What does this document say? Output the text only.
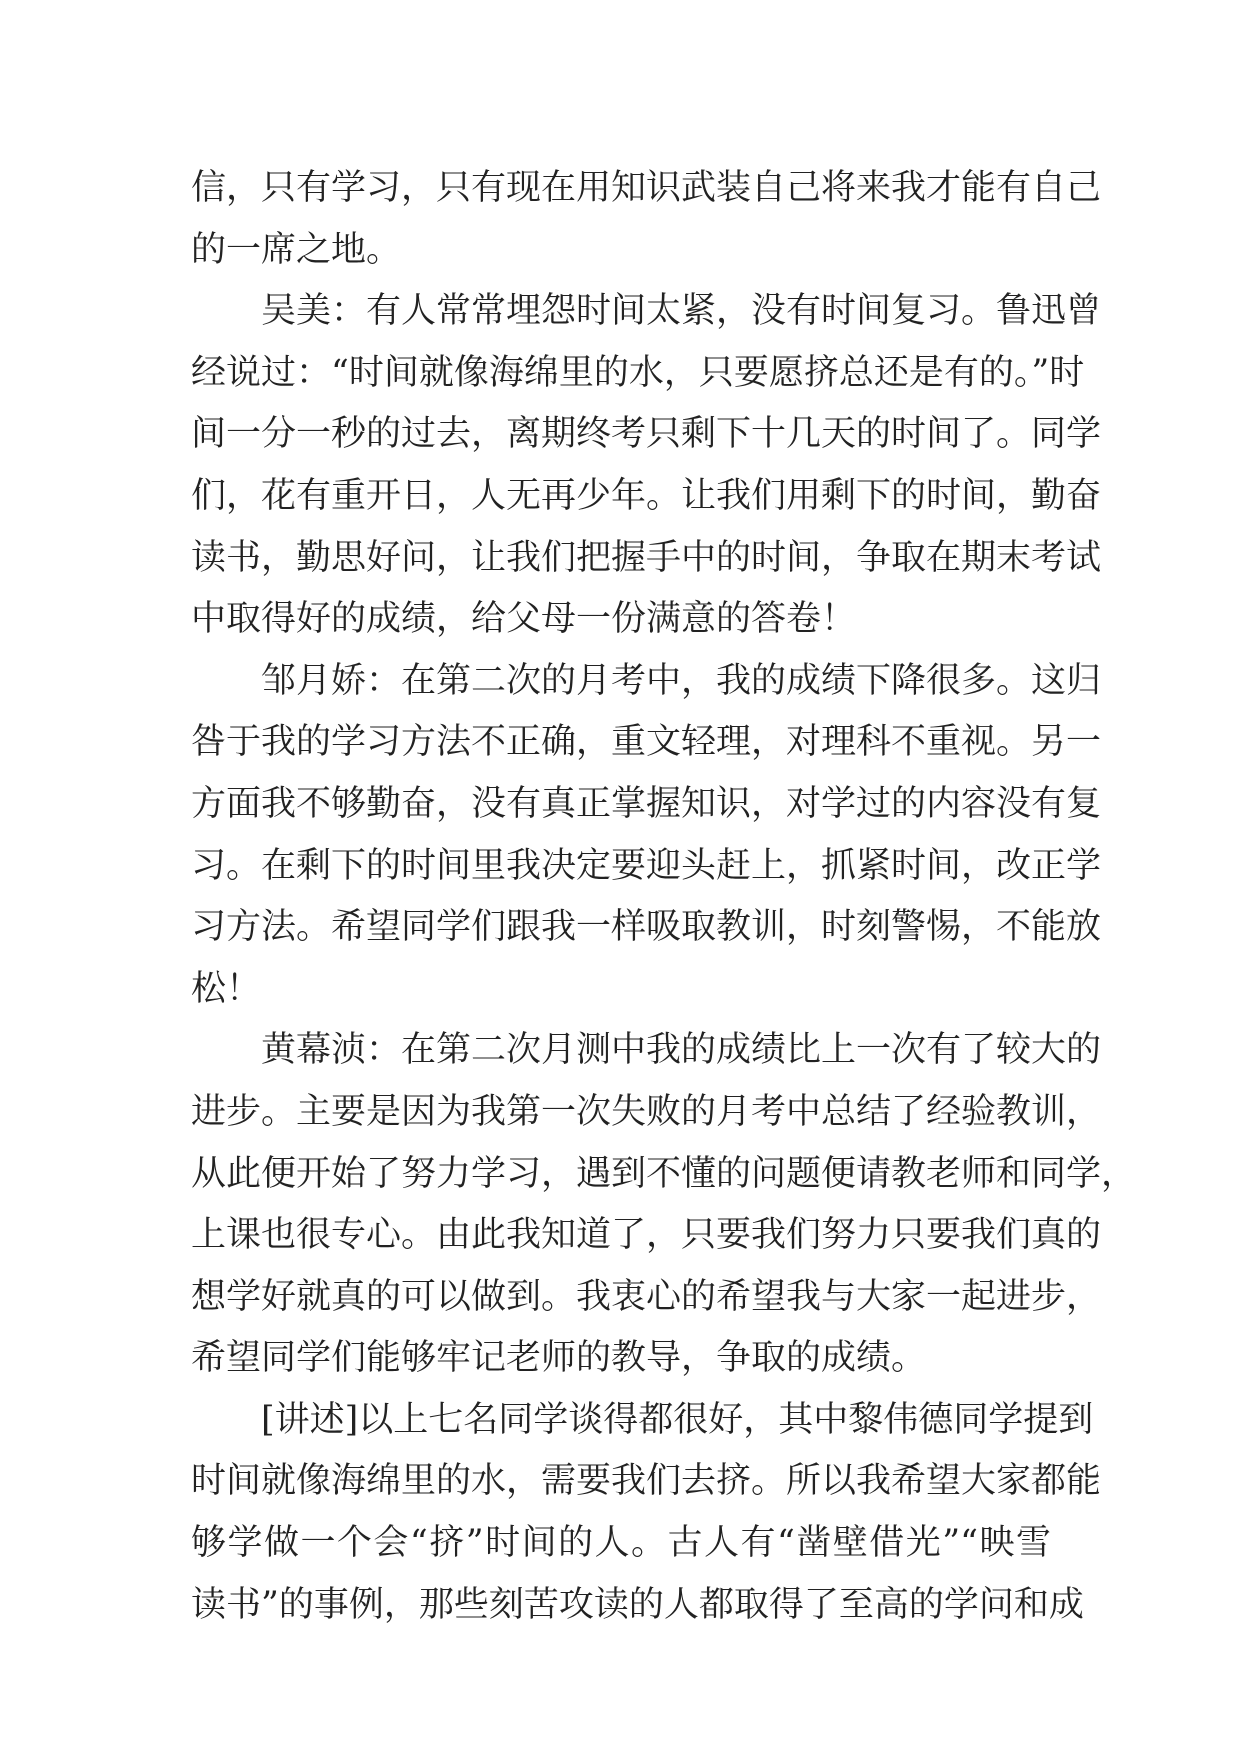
信，只有学习，只有现在用知识武装自己将来我才能有自己
的一席之地。
吴美：有人常常埋怨时间太紧，没有时间复习。鲁迅曾
经说过：“时间就像海绵里的水，只要愿挤总还是有的。”时
间一分一秒的过去，离期终考只剩下十几天的时间了。同学
们，花有重开日，人无再少年。让我们用剩下的时间，勤奋
读书，勤思好问，让我们把握手中的时间，争取在期末考试
中取得好的成绩，给父母一份满意的答卷！
邹月娇：在第二次的月考中，我的成绩下降很多。这归
咎于我的学习方法不正确，重文轻理，对理科不重视。另一
方面我不够勤奋，没有真正掌握知识，对学过的内容没有复
习。在剩下的时间里我决定要迎头赶上，抓紧时间，改正学
习方法。希望同学们跟我一样吸取教训，时刻警惕，不能放
松！
黄幕浈：在第二次月测中我的成绩比上一次有了较大的
进步。主要是因为我第一次失败的月考中总结了经验教训，
从此便开始了努力学习，遇到不懂的问题便请教老师和同学，
上课也很专心。由此我知道了，只要我们努力只要我们真的
想学好就真的可以做到。我衷心的希望我与大家一起进步，
希望同学们能够牢记老师的教导，争取的成绩。
[讲述]以上七名同学谈得都很好，其中黎伟德同学提到
时间就像海绵里的水，需要我们去挤。所以我希望大家都能
够学做一个会“挤”时间的人。古人有“凿壁借光”“映雪
读书”的事例，那些刻苦攻读的人都取得了至高的学问和成
